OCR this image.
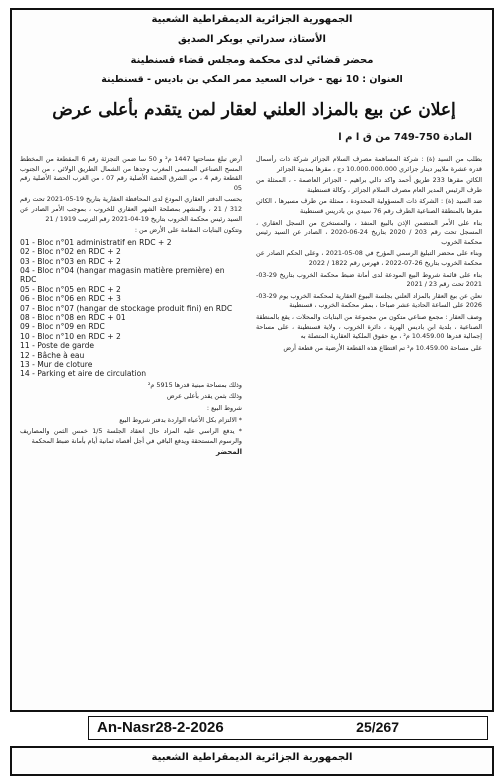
الجمهورية الجزائرية الديمقراطية الشعبية
الأستاذ، سدراتي بوبكر الصديق
محضر قضائي لدى محكمة ومجلس قضاء قسنطينة
العنوان : 10 نهج - خراب السعيد ممر المكي بن باديس - قسنطينة
إعلان عن بيع بالمزاد العلني لعقار لمن يتقدم بأعلى عرض
المادة 750-749 من ق ا م ا

بطلب من السيد (ة) : شركة المساهمة مصرف السلام الجزائر شركة ذات رأسمال قدره عشرة ملايير دينار جزائري 10.000.000.000 دج ، مقرها بمدينة الجزائر

الكائن مقرها 233 طريق أحمد واكد دالي براهيم - الجزائر العاصمة - ، الممثلة من طرف الرئيس المدير العام مصرف السلام الجزائر ، وكالة قسنطينة

ضد السيد (ة) : الشركة ذات المسؤولية المحدودة ، ممثلة من طرف مسيرها ، الكائن مقرها بالمنطقة الصناعية الطرف رقم 76 سيدي بن بادريس قسنطينة

بناء على الأمر المتضمن الإذن بالبيع المنفذ ، والمستخرج من السجل العقاري ، المسجل تحت رقم 203 / 2020 بتاريخ 24-06-2020 ، الصادر عن السيد رئيس محكمة الخروب

وبناء على محضر التبليغ الرسمي المؤرخ في 08-05-2021 ، وعلى الحكم الصادر عن محكمة الخروب بتاريخ 26-07-2022 ، فهرس رقم 1822 / 2022

بناء على قائمة شروط البيع المودعة لدى أمانة ضبط محكمة الخروب بتاريخ 29-03-2021 تحت رقم 23 / 2021

نعلن عن بيع العقار بالمزاد العلني بجلسة البيوع العقارية لمحكمة الخروب يوم 29-03-2026 على الساعة الحادية عشر صباحا ، بمقر محكمة الخروب ، قسنطينة

وصف العقار : مجمع صناعي متكون من مجموعة من البنايات والمحلات ، يقع بالمنطقة الصناعية ، بلدية ابن باديس الهرية ، دائرة الخروب ، ولاية قسنطينة ، على مساحة إجمالية قدرها 10.459.00 م² ، مع حقوق الملكية العقارية المتصلة به

على مساحة 10.459.00 م² تم اقتطاع هذه القطعة الأرضية من قطعة أرض

أرض تبلغ مساحتها 1447 م² و 50 سا ضمن التجزئة رقم 6 المقطعة من المخطط المسح الصناعي المسمى المغرب وحدها من الشمال الطريق الولائي ، من الجنوب القطعة رقم 4 ، من الشرق الحصة الأصلية رقم 07 ، من الغرب الحصة الأصلية رقم 05

بحسب الدفتر العقاري المودع لدى المحافظة العقارية بتاريخ 19-05-2021 تحت رقم 312 / 21 ، والمشهر بمصلحة الشهر العقاري للخروب ، بموجب الأمر الصادر عن السيد رئيس محكمة الخروب بتاريخ 19-04-2021 رقم الترتيب 1919 / 21

وتتكون البنايات المقامة على الأرض من :

01 - Bloc n°01 administratif en RDC + 2
02 - Bloc n°02 en RDC + 2
03 - Bloc n°03 en RDC + 2
04 - Bloc n°04 (hangar magasin matière première) en RDC
05 - Bloc n°05 en RDC + 2
06 - Bloc n°06 en RDC + 3
07 - Bloc n°07 (hangar de stockage produit fini) en RDC
08 - Bloc n°08 en RDC + 01
09 - Bloc n°09 en RDC
10 - Bloc n°10 en RDC + 2
11 - Poste de garde
12 - Bâche à eau
13 - Mur de cloture
14 - Parking et aire de circulation

وذلك بمساحة مبنية قدرها 5915 م²

وذلك بثمن يقدر بأعلى عرض

شروط البيع :

* الالتزام بكل الأعباء الواردة بدفتر شروط البيع

* يدفع الراسي عليه المزاد حال انعقاد الجلسة 1/5 خمس الثمن والمصاريف والرسوم المستحقة ويدفع الباقي في أجل أقصاه ثمانية أيام بأمانة ضبط المحكمة

المحضر

An-Nasr28-2-2026	25/267
الجمهورية الجزائرية الديمقراطية الشعبية
